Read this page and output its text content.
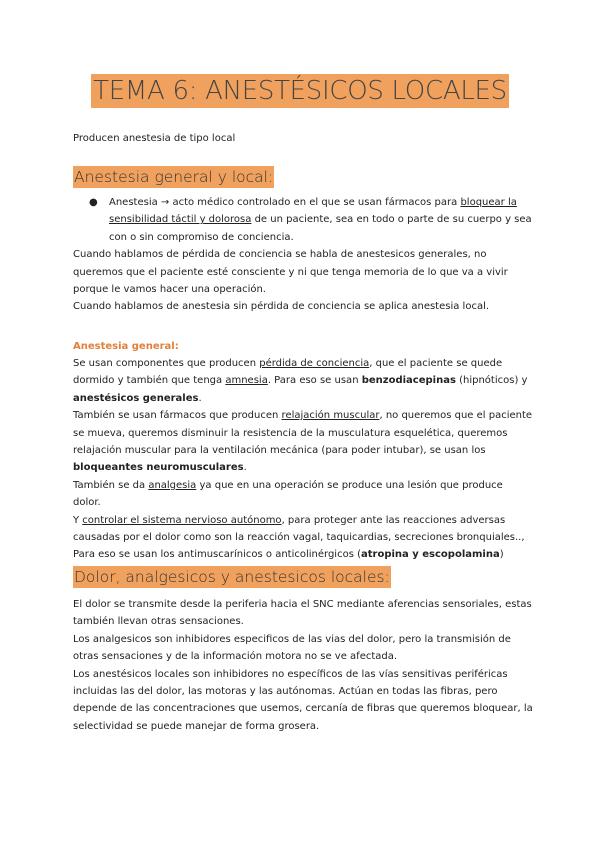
TEMA 6: ANESTÉSICOS LOCALES

Producen anestesia de tipo local

Anestesia general y local:
● Anestesia → acto médico controlado en el que se usan fármacos para bloquear la sensibilidad táctil y dolorosa de un paciente, sea en todo o parte de su cuerpo y sea con o sin compromiso de conciencia.

Cuando hablamos de pérdida de conciencia se habla de anestesicos generales, no queremos que el paciente esté consciente y ni que tenga memoria de lo que va a vivir porque le vamos hacer una operación.

Cuando hablamos de anestesia sin pérdida de conciencia se aplica anestesia local.

Anestesia general:

Se usan componentes que producen pérdida de conciencia, que el paciente se quede dormido y también que tenga amnesia. Para eso se usan benzodiacepinas (hipnóticos) y anestésicos generales.

También se usan fármacos que producen relajación muscular, no queremos que el paciente se mueva, queremos disminuir la resistencia de la musculatura esquelética, queremos relajación muscular para la ventilación mecánica (para poder intubar), se usan los bloqueantes neuromusculares.

También se da analgesia ya que en una operación se produce una lesión que produce dolor.

Y controlar el sistema nervioso autónomo, para proteger ante las reacciones adversas causadas por el dolor como son la reacción vagal, taquicardias, secreciones bronquiales..,

Para eso se usan los antimuscarínicos o anticolinérgicos (atropina y escopolamina)

Dolor, analgesicos y anestesicos locales:

El dolor se transmite desde la periferia hacia el SNC mediante aferencias sensoriales, estas también llevan otras sensaciones.

Los analgesicos son inhibidores especificos de las vias del dolor, pero la transmisión de otras sensaciones y de la información motora no se ve afectada.

Los anestésicos locales son inhibidores no específicos de las vías sensitivas periféricas incluidas las del dolor, las motoras y las autónomas. Actúan en todas las fibras, pero depende de las concentraciones que usemos, cercanía de fibras que queremos bloquear, la selectividad se puede manejar de forma grosera.
